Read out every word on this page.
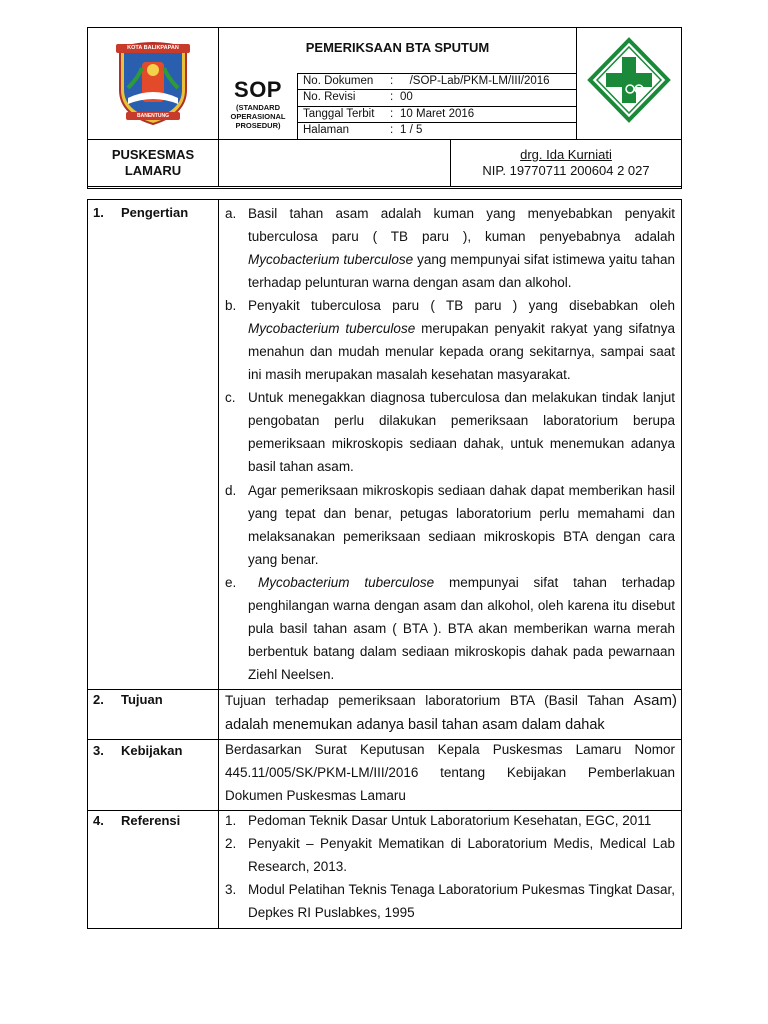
KOTA BALIKPAPAN
BANENTUNG
PEMERIKSAAN BTA SPUTUM
SOP
(STANDARD OPERASIONAL PROSEDUR)
No. Dokumen : /SOP-Lab/PKM-LM/III/2016
No. Revisi	: 00
Tanggal Terbit : 10 Maret 2016
Halaman	: 1 / 5
PUSKESMAS LAMARU
drg. Ida Kurniati
NIP. 19770711 200604 2 027
1. Pengertian	a. Basil tahan asam adalah kuman yang menyebabkan penyakit tuberculosa paru ( TB paru ), kuman penyebabnya adalah Mycobacterium tuberculose yang mempunyai sifat istimewa yaitu tahan terhadap pelunturan warna dengan asam dan alkohol.
b. Penyakit tuberculosa paru ( TB paru ) yang disebabkan oleh Mycobacterium tuberculose merupakan penyakit rakyat yang sifatnya menahun dan mudah menular kepada orang sekitarnya, sampai saat ini masih merupakan masalah kesehatan masyarakat.
c. Untuk menegakkan diagnosa tuberculosa dan melakukan tindak lanjut pengobatan perlu dilakukan pemeriksaan laboratorium berupa pemeriksaan mikroskopis sediaan dahak, untuk menemukan adanya basil tahan asam.
d. Agar pemeriksaan mikroskopis sediaan dahak dapat memberikan hasil yang tepat dan benar, petugas laboratorium perlu memahami dan melaksanakan pemeriksaan sediaan mikroskopis BTA dengan cara yang benar.
e.	Mycobacterium tuberculose mempunyai sifat tahan terhadap penghilangan warna dengan asam dan alkohol, oleh karena itu disebut pula basil tahan asam ( BTA ). BTA akan memberikan warna merah berbentuk batang dalam sediaan mikroskopis dahak pada pewarnaan Ziehl Neelsen.
2. Tujuan	Tujuan terhadap pemeriksaan laboratorium BTA (Basil Tahan Asam)
adalah menemukan adanya basil tahan asam dalam dahak
3. Kebijakan	Berdasarkan Surat Keputusan Kepala Puskesmas Lamaru Nomor 445.11/005/SK/PKM-LM/III/2016 tentang Kebijakan Pemberlakuan Dokumen Puskesmas Lamaru
4. Referensi	1. Pedoman Teknik Dasar Untuk Laboratorium Kesehatan, EGC, 2011
2. Penyakit – Penyakit Mematikan di Laboratorium Medis, Medical Lab Research, 2013.
3. Modul Pelatihan Teknis Tenaga Laboratorium Pukesmas Tingkat Dasar, Depkes RI Puslabkes, 1995
